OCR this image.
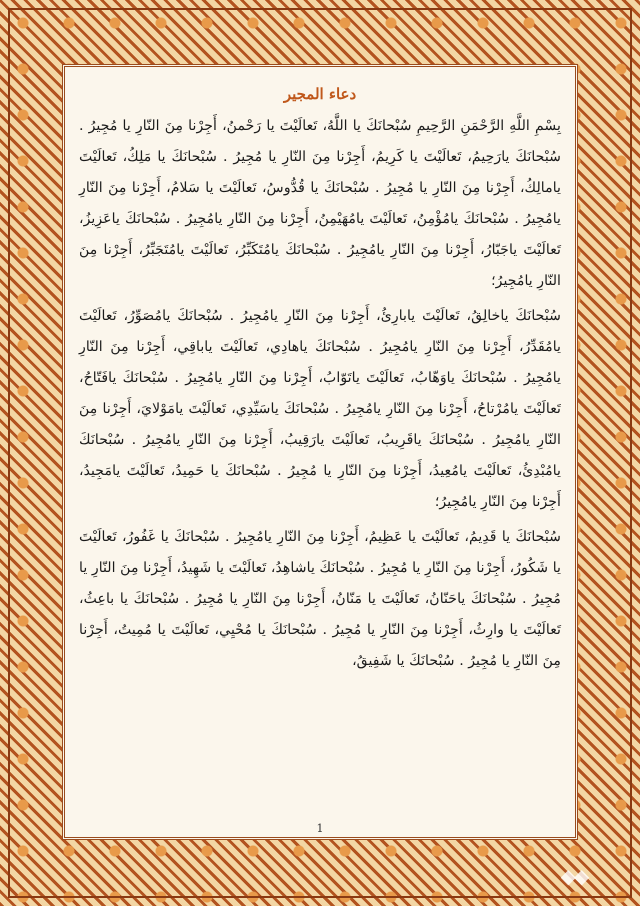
دعاء المجير

بِسْمِ اللَّهِ الرَّحْمَنِ الرَّحِيمِ سُبْحانَكَ يا اللَّهُ، تَعالَيْتَ يا رَحْمنُ، أَجِرْنا مِنَ النّارِ يا مُجِيرُ . سُبْحانَكَ يارَحِيمُ، تَعالَيْتَ يا كَرِيمُ، أَجِرْنا مِنَ النّارِ يا مُجِيرُ . سُبْحانَكَ يا مَلِكُ، تَعالَيْتَ يامالِكُ، أَجِرْنا مِنَ النّارِ يا مُجِيرُ . سُبْحانَكَ يا قُدُّوسُ، تَعالَيْتَ يا سَلامُ، أَجِرْنا مِنَ النّارِ يامُجِيرُ . سُبْحانَكَ يامُؤْمِنُ، تَعالَيْتَ يامُهَيْمِنُ، أَجِرْنا مِنَ النّارِ يامُجِيرُ . سُبْحانَكَ ياعَزِيزُ، تَعالَيْتَ ياجَبّارُ، أَجِرْنا مِنَ النّارِ يامُجِيرُ . سُبْحانَكَ يامُتَكَبِّرُ، تَعالَيْتَ يامُتَجَبِّرُ، أَجِرْنا مِنَ النّارِ يامُجِيرُ؛

سُبْحانَكَ ياخالِقُ، تَعالَيْتَ يابارِئُ، أَجِرْنا مِنَ النّارِ يامُجِيرُ . سُبْحانَكَ يامُصَوِّرُ، تَعالَيْتَ يامُقَدِّرُ، أَجِرْنا مِنَ النّارِ يامُجِيرُ . سُبْحانَكَ ياهادِي، تَعالَيْتَ ياباقِي، أَجِرْنا مِنَ النّارِ يامُجِيرُ . سُبْحانَكَ ياوَهّابُ، تَعالَيْتَ ياتَوّابُ، أَجِرْنا مِنَ النّارِ يامُجِيرُ . سُبْحانَكَ يافَتّاحُ، تَعالَيْتَ يامُرْتاحُ، أَجِرْنا مِنَ النّارِ يامُجِيرُ . سُبْحانَكَ ياسَيِّدِي، تَعالَيْتَ يامَوْلايَ، أَجِرْنا مِنَ النّارِ يامُجِيرُ . سُبْحانَكَ ياقَرِيبُ، تَعالَيْتَ يارَقِيبُ، أَجِرْنا مِنَ النّارِ يامُجِيرُ . سُبْحانَكَ يامُبْدِئُ، تَعالَيْتَ يامُعِيدُ، أَجِرْنا مِنَ النّارِ يا مُجِيرُ . سُبْحانَكَ يا حَمِيدُ، تَعالَيْتَ يامَجِيدُ، أَجِرْنا مِنَ النّارِ يامُجِيرُ؛

سُبْحانَكَ يا قَدِيمُ، تَعالَيْتَ يا عَظِيمُ، أَجِرْنا مِنَ النّارِ يامُجِيرُ . سُبْحانَكَ يا غَفُورُ، تَعالَيْتَ يا شَكُورُ، أَجِرْنا مِنَ النّارِ يا مُجِيرُ . سُبْحانَكَ ياشاهِدُ، تَعالَيْتَ يا شَهِيدُ، أَجِرْنا مِنَ النّارِ يا مُجِيرُ . سُبْحانَكَ ياحَنّانُ، تَعالَيْتَ يا مَنّانُ، أَجِرْنا مِنَ النّارِ يا مُجِيرُ . سُبْحانَكَ يا باعِثُ، تَعالَيْتَ يا وارِثُ، أَجِرْنا مِنَ النّارِ يا مُجِيرُ . سُبْحانَكَ يا مُحْيِي، تَعالَيْتَ يا مُمِيتُ، أَجِرْنا مِنَ النّارِ يا مُجِيرُ . سُبْحانَكَ يا شَفِيقُ،

1
◆◆
